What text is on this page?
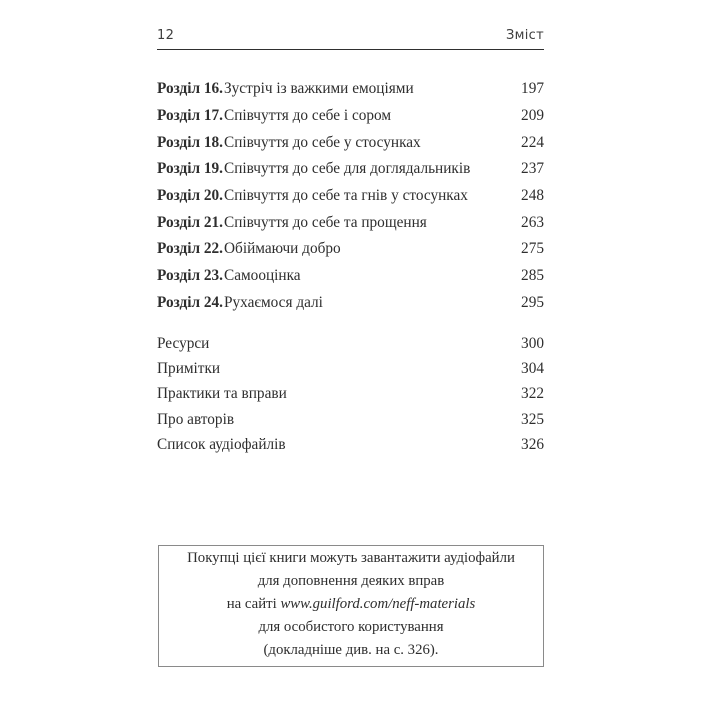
12	Зміст
Розділ 16. Зустріч із важкими емоціями	197
Розділ 17. Співчуття до себе і сором	209
Розділ 18. Співчуття до себе у стосунках	224
Розділ 19. Співчуття до себе для доглядальників	237
Розділ 20. Співчуття до себе та гнів у стосунках	248
Розділ 21. Співчуття до себе та прощення	263
Розділ 22. Обіймаючи добро	275
Розділ 23. Самооцінка	285
Розділ 24. Рухаємося далі	295
Ресурси	300
Примітки	304
Практики та вправи	322
Про авторів	325
Список аудіофайлів	326

Покупці цієї книги можуть завантажити аудіофайли

для доповнення деяких вправ

на сайті www.guilford.com/neff-materials

для особистого користування

(докладніше див. на с. 326).
